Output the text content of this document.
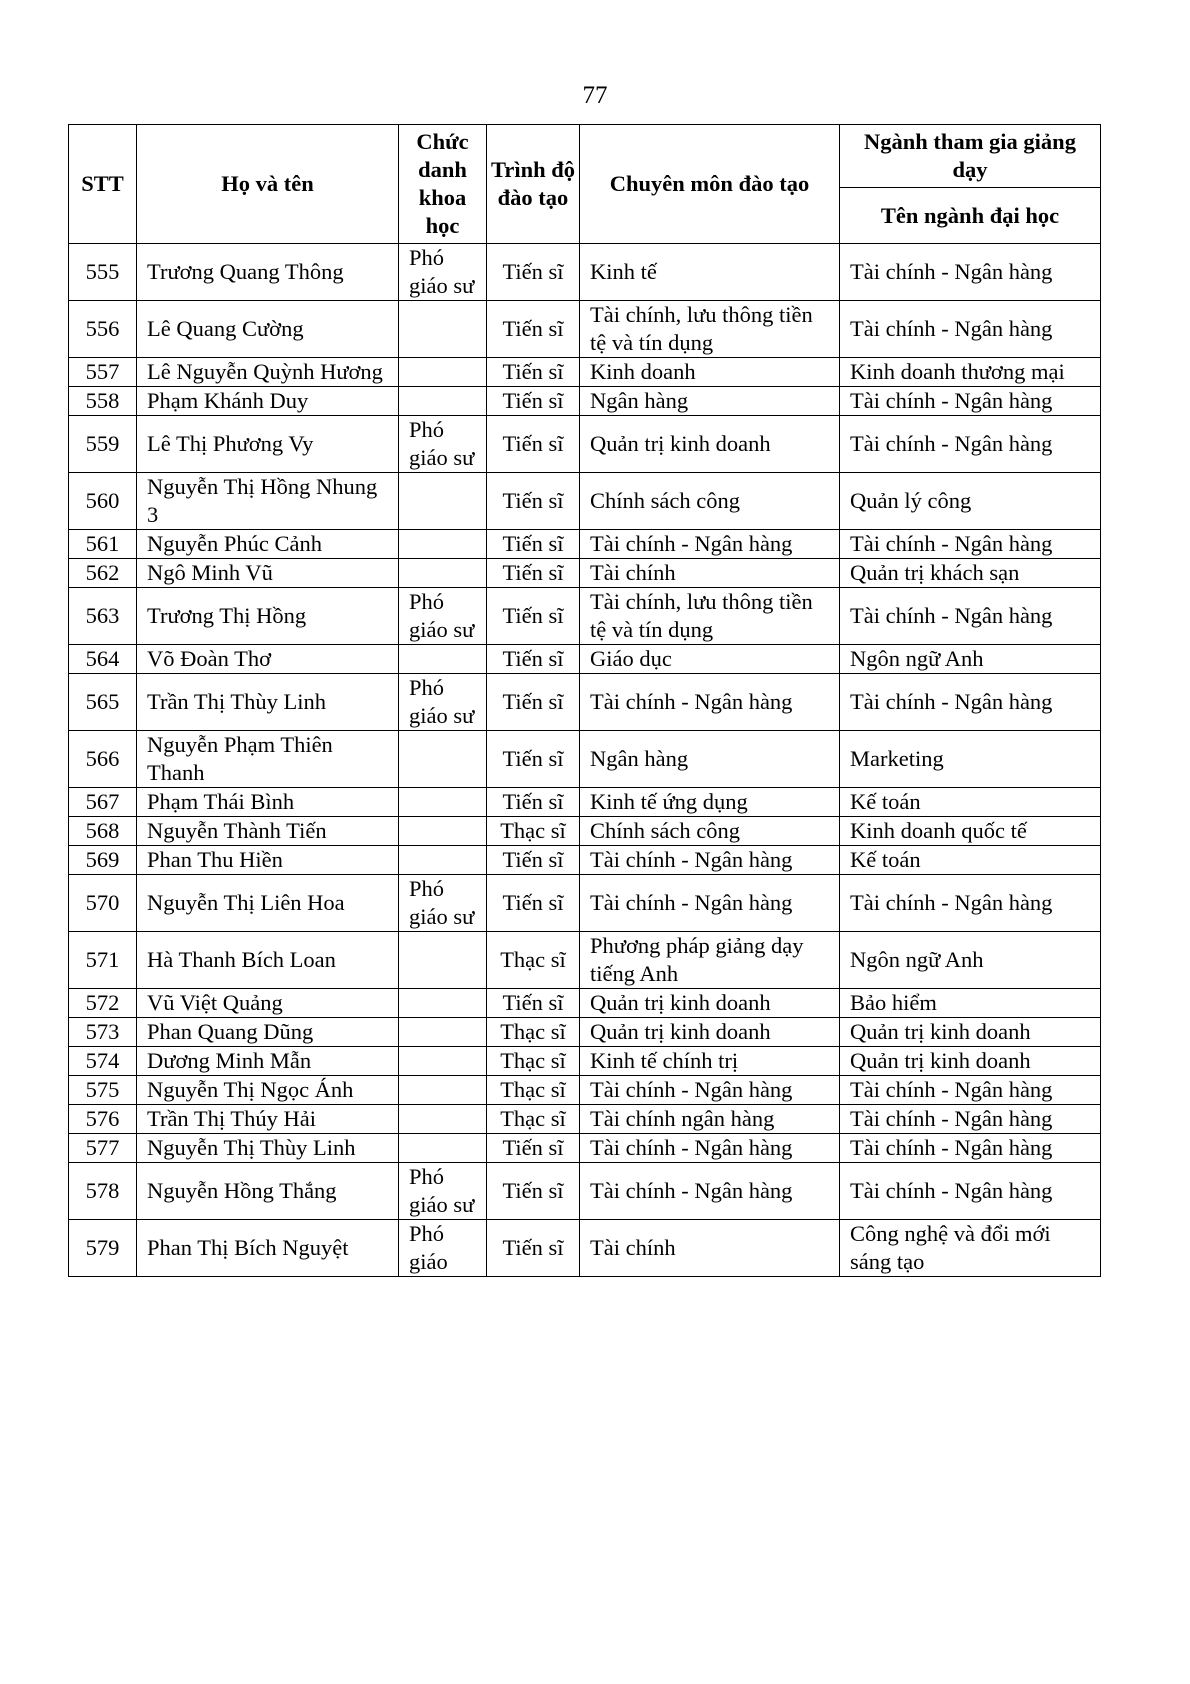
77
STT	Họ và tên	Chức danh khoa học	Trình độ đào tạo	Chuyên môn đào tạo	Ngành tham gia giảng dạy
					Tên ngành đại học
555	Trương Quang Thông	Phó giáo sư	Tiến sĩ	Kinh tế	Tài chính - Ngân hàng
556	Lê Quang Cường		Tiến sĩ	Tài chính, lưu thông tiền tệ và tín dụng	Tài chính - Ngân hàng
557	Lê Nguyễn Quỳnh Hương		Tiến sĩ	Kinh doanh	Kinh doanh thương mại
558	Phạm Khánh Duy		Tiến sĩ	Ngân hàng	Tài chính - Ngân hàng
559	Lê Thị Phương Vy	Phó giáo sư	Tiến sĩ	Quản trị kinh doanh	Tài chính - Ngân hàng
560	Nguyễn Thị Hồng Nhung 3		Tiến sĩ	Chính sách công	Quản lý công
561	Nguyễn Phúc Cảnh		Tiến sĩ	Tài chính - Ngân hàng	Tài chính - Ngân hàng
562	Ngô Minh Vũ		Tiến sĩ	Tài chính	Quản trị khách sạn
563	Trương Thị Hồng	Phó giáo sư	Tiến sĩ	Tài chính, lưu thông tiền tệ và tín dụng	Tài chính - Ngân hàng
564	Võ Đoàn Thơ		Tiến sĩ	Giáo dục	Ngôn ngữ Anh
565	Trần Thị Thùy Linh	Phó giáo sư	Tiến sĩ	Tài chính - Ngân hàng	Tài chính - Ngân hàng
566	Nguyễn Phạm Thiên Thanh		Tiến sĩ	Ngân hàng	Marketing
567	Phạm Thái Bình		Tiến sĩ	Kinh tế ứng dụng	Kế toán
568	Nguyễn Thành Tiến		Thạc sĩ	Chính sách công	Kinh doanh quốc tế
569	Phan Thu Hiền		Tiến sĩ	Tài chính - Ngân hàng	Kế toán
570	Nguyễn Thị Liên Hoa	Phó giáo sư	Tiến sĩ	Tài chính - Ngân hàng	Tài chính - Ngân hàng
571	Hà Thanh Bích Loan		Thạc sĩ	Phương pháp giảng dạy tiếng Anh	Ngôn ngữ Anh
572	Vũ Việt Quảng		Tiến sĩ	Quản trị kinh doanh	Bảo hiểm
573	Phan Quang Dũng		Thạc sĩ	Quản trị kinh doanh	Quản trị kinh doanh
574	Dương Minh Mẫn		Thạc sĩ	Kinh tế chính trị	Quản trị kinh doanh
575	Nguyễn Thị Ngọc Ánh		Thạc sĩ	Tài chính - Ngân hàng	Tài chính - Ngân hàng
576	Trần Thị Thúy Hải		Thạc sĩ	Tài chính ngân hàng	Tài chính - Ngân hàng
577	Nguyễn Thị Thùy Linh		Tiến sĩ	Tài chính - Ngân hàng	Tài chính - Ngân hàng
578	Nguyễn Hồng Thắng	Phó giáo sư	Tiến sĩ	Tài chính - Ngân hàng	Tài chính - Ngân hàng
579	Phan Thị Bích Nguyệt	Phó giáo	Tiến sĩ	Tài chính	Công nghệ và đổi mới sáng tạo
